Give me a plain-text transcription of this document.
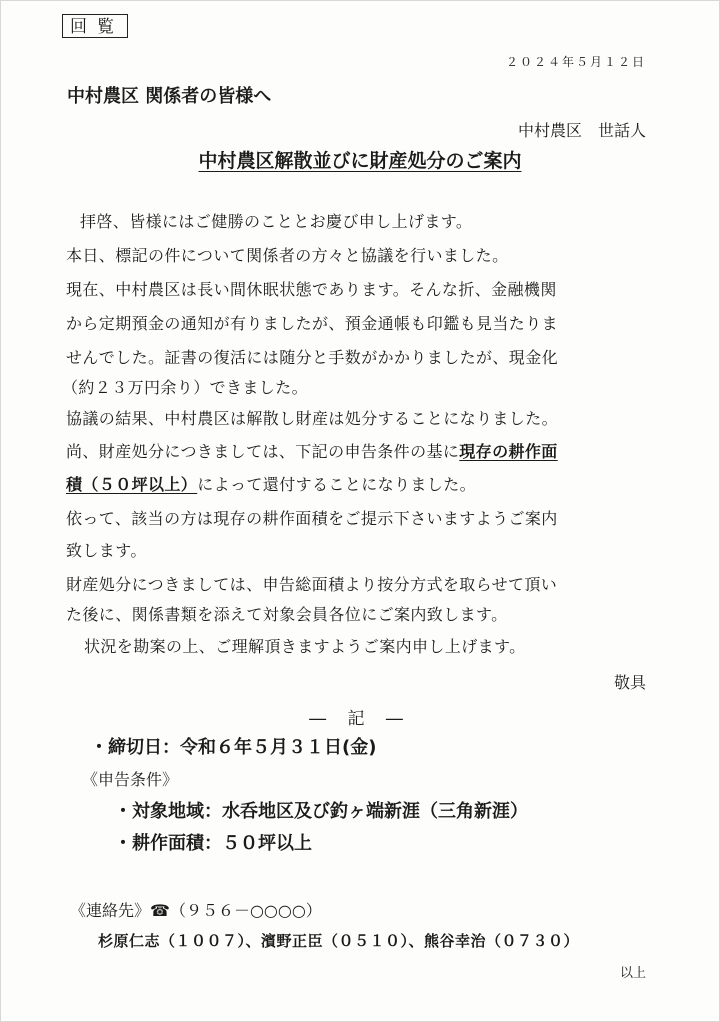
回覧
２０２４年５月１２日
中村農区 関係者の皆様へ
中村農区　世話人
中村農区解散並びに財産処分のご案内
拝啓、皆様にはご健勝のこととお慶び申し上げます。
本日、標記の件について関係者の方々と協議を行いました。
現在、中村農区は長い間休眠状態であります。そんな折、金融機関
から定期預金の通知が有りましたが、預金通帳も印鑑も見当たりま
せんでした。証書の復活には随分と手数がかかりましたが、現金化
（約２３万円余り）できました。
協議の結果、中村農区は解散し財産は処分することになりました。
尚、財産処分につきましては、下記の申告条件の基に現存の耕作面
積（５０坪以上）によって還付することになりました。
依って、該当の方は現存の耕作面積をご提示下さいますようご案内
致します。
財産処分につきましては、申告総面積より按分方式を取らせて頂い
た後に、関係書類を添えて対象会員各位にご案内致します。
状況を勘案の上、ご理解頂きますようご案内申し上げます。
敬具
― 記 ―
・締切日：令和６年５月３１日(金)
《申告条件》
・対象地域：水呑地区及び釣ヶ端新涯（三角新涯）
・耕作面積：５０坪以上
《連絡先》☎（９５６－○○○○）
杉原仁志（１００７）、濱野正臣（０５１０）、熊谷幸治（０７３０）
以上
